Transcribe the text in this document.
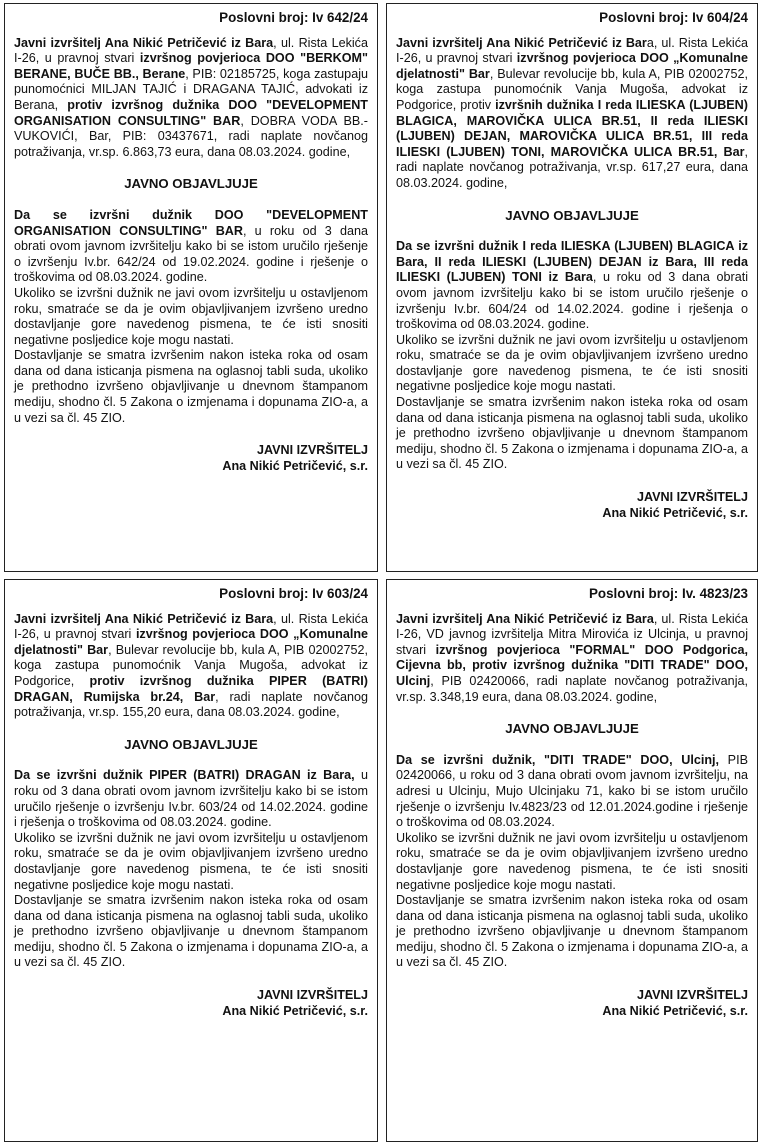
Poslovni broj: Iv 642/24

Javni izvršitelj Ana Nikić Petričević iz Bara, ul. Rista Lekića I-26, u pravnoj stvari izvršnog povjerioca DOO "BERKOM" BERANE, BUČE BB., Berane, PIB: 02185725, koga zastupaju punomoćnici MILJAN TAJIĆ i DRAGANA TAJIĆ, advokati iz Berana, protiv izvršnog dužnika DOO "DEVELOPMENT ORGANISATION CONSULTING" BAR, DOBRA VODA BB.-VUKOVIĆI, Bar, PIB: 03437671, radi naplate novčanog potraživanja, vr.sp. 6.863,73 eura, dana 08.03.2024. godine,

JAVNO OBJAVLJUJE

Da se izvršni dužnik DOO "DEVELOPMENT ORGANISATION CONSULTING" BAR, u roku od 3 dana obrati ovom javnom izvršitelju kako bi se istom uručilo rješenje o izvršenju Iv.br. 642/24 od 19.02.2024. godine i rješenje o troškovima od 08.03.2024. godine.

Ukoliko se izvršni dužnik ne javi ovom izvršitelju u ostavljenom roku, smatraće se da je ovim objavljivanjem izvršeno uredno dostavljanje gore navedenog pismena, te će isti snositi negativne posljedice koje mogu nastati.

Dostavljanje se smatra izvršenim nakon isteka roka od osam dana od dana isticanja pismena na oglasnoj tabli suda, ukoliko je prethodno izvršeno objavljivanje u dnevnom štampanom mediju, shodno čl. 5 Zakona o izmjenama i dopunama ZIO-a, a u vezi sa čl. 45 ZIO.

JAVNI IZVRŠITELJ
Ana Nikić Petričević, s.r.
Poslovni broj: Iv 604/24

Javni izvršitelj Ana Nikić Petričević iz Bara, ul. Rista Lekića I-26, u pravnoj stvari izvršnog povjerioca DOO „Komunalne djelatnosti" Bar, Bulevar revolucije bb, kula A, PIB 02002752, koga zastupa punomoćnik Vanja Mugoša, advokat iz Podgorice, protiv izvršnih dužnika I reda ILIESKA (LJUBEN) BLAGICA, MAROVIČKA ULICA BR.51, II reda ILIESKI (LJUBEN) DEJAN, MAROVIČKA ULICA BR.51, III reda ILIESKI (LJUBEN) TONI, MAROVIČKA ULICA BR.51, Bar, radi naplate novčanog potraživanja, vr.sp. 617,27 eura, dana 08.03.2024. godine,

JAVNO OBJAVLJUJE

Da se izvršni dužnik I reda ILIESKA (LJUBEN) BLAGICA iz Bara, II reda ILIESKI (LJUBEN) DEJAN iz Bara, III reda ILIESKI (LJUBEN) TONI iz Bara, u roku od 3 dana obrati ovom javnom izvršitelju kako bi se istom uručilo rješenje o izvršenju Iv.br. 604/24 od 14.02.2024. godine i rješenja o troškovima od 08.03.2024. godine.

Ukoliko se izvršni dužnik ne javi ovom izvršitelju u ostavljenom roku, smatraće se da je ovim objavljivanjem izvršeno uredno dostavljanje gore navedenog pismena, te će isti snositi negativne posljedice koje mogu nastati.

Dostavljanje se smatra izvršenim nakon isteka roka od osam dana od dana isticanja pismena na oglasnoj tabli suda, ukoliko je prethodno izvršeno objavljivanje u dnevnom štampanom mediju, shodno čl. 5 Zakona o izmjenama i dopunama ZIO-a, a u vezi sa čl. 45 ZIO.

JAVNI IZVRŠITELJ
Ana Nikić Petričević, s.r.
Poslovni broj: Iv 603/24

Javni izvršitelj Ana Nikić Petričević iz Bara, ul. Rista Lekića I-26, u pravnoj stvari izvršnog povjerioca DOO „Komunalne djelatnosti" Bar, Bulevar revolucije bb, kula A, PIB 02002752, koga zastupa punomoćnik Vanja Mugoša, advokat iz Podgorice, protiv izvršnog dužnika PIPER (BATRI) DRAGAN, Rumijska br.24, Bar, radi naplate novčanog potraživanja, vr.sp. 155,20 eura, dana 08.03.2024. godine,

JAVNO OBJAVLJUJE

Da se izvršni dužnik PIPER (BATRI) DRAGAN iz Bara, u roku od 3 dana obrati ovom javnom izvršitelju kako bi se istom uručilo rješenje o izvršenju Iv.br. 603/24 od 14.02.2024. godine i rješenja o troškovima od 08.03.2024. godine.

Ukoliko se izvršni dužnik ne javi ovom izvršitelju u ostavljenom roku, smatraće se da je ovim objavljivanjem izvršeno uredno dostavljanje gore navedenog pismena, te će isti snositi negativne posljedice koje mogu nastati.

Dostavljanje se smatra izvršenim nakon isteka roka od osam dana od dana isticanja pismena na oglasnoj tabli suda, ukoliko je prethodno izvršeno objavljivanje u dnevnom štampanom mediju, shodno čl. 5 Zakona o izmjenama i dopunama ZIO-a, a u vezi sa čl. 45 ZIO.

JAVNI IZVRŠITELJ
Ana Nikić Petričević, s.r.
Poslovni broj: Iv. 4823/23

Javni izvršitelj Ana Nikić Petričević iz Bara, ul. Rista Lekića I-26, VD javnog izvršitelja Mitra Mirovića iz Ulcinja, u pravnoj stvari izvršnog povjerioca "FORMAL" DOO Podgorica, Cijevna bb, protiv izvršnog dužnika "DITI TRADE" DOO, Ulcinj, PIB 02420066, radi naplate novčanog potraživanja, vr.sp. 3.348,19 eura, dana 08.03.2024. godine,

JAVNO OBJAVLJUJE

Da se izvršni dužnik, "DITI TRADE" DOO, Ulcinj, PIB 02420066, u roku od 3 dana obrati ovom javnom izvršitelju, na adresi u Ulcinju, Mujo Ulcinjaku 71, kako bi se istom uručilo rješenje o izvršenju Iv.4823/23 od 12.01.2024.godine i rješenje o troškovima od 08.03.2024.

Ukoliko se izvršni dužnik ne javi ovom izvršitelju u ostavljenom roku, smatraće se da je ovim objavljivanjem izvršeno uredno dostavljanje gore navedenog pismena, te će isti snositi negativne posljedice koje mogu nastati.

Dostavljanje se smatra izvršenim nakon isteka roka od osam dana od dana isticanja pismena na oglasnoj tabli suda, ukoliko je prethodno izvršeno objavljivanje u dnevnom štampanom mediju, shodno čl. 5 Zakona o izmjenama i dopunama ZIO-a, a u vezi sa čl. 45 ZIO.

JAVNI IZVRŠITELJ
Ana Nikić Petričević, s.r.
